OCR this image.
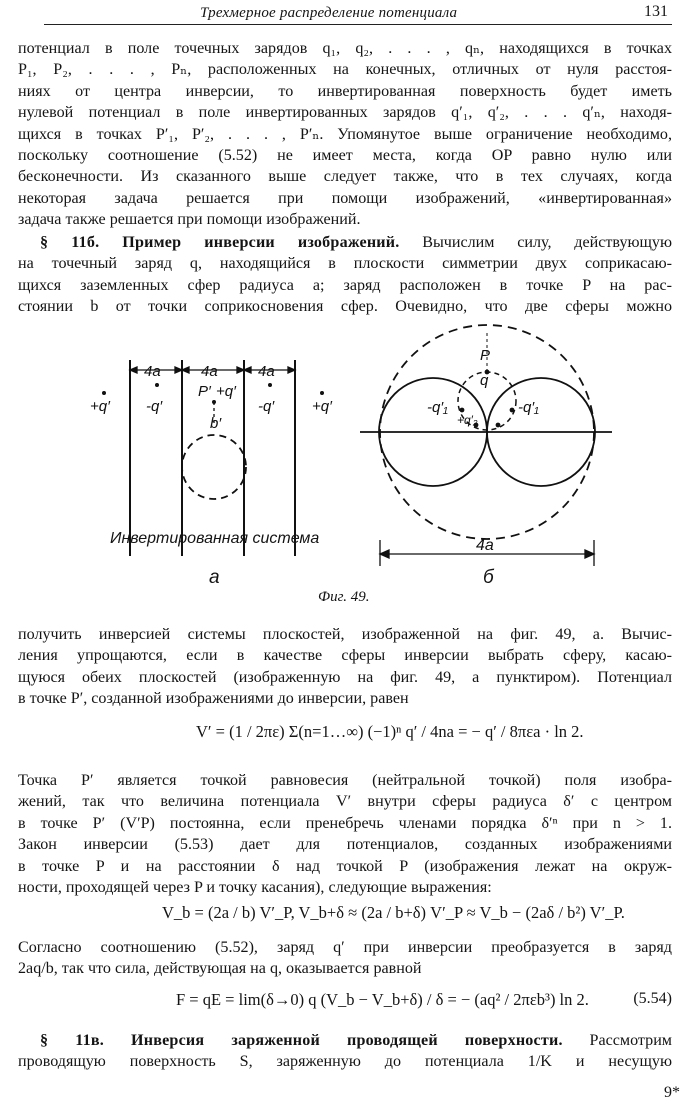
Трехмерное распределение потенциала	131
потенциал в поле точечных зарядов q₁, q₂, . . . , qₙ, находящихся в точках
P₁, P₂, . . . , Pₙ, расположенных на конечных, отличных от нуля расстоя-
ниях от центра инверсии, то инвертированная поверхность будет иметь
нулевой потенциал в поле инвертированных зарядов q′₁, q′₂, . . . q′ₙ, находя-
щихся в точках P′₁, P′₂, . . . , P′ₙ. Упомянутое выше ограничение необходимо,
поскольку соотношение (5.52) не имеет места, когда OP равно нулю или
бесконечности. Из сказанного выше следует также, что в тех случаях, когда
некоторая задача решается при помощи изображений, «инвертированная»
задача также решается при помощи изображений.
§ 11б. Пример инверсии изображений. Вычислим силу, действующую
на точечный заряд q, находящийся в плоскости симметрии двух соприкасаю-
щихся заземленных сфер радиуса a; заряд расположен в точке P на рас-
стоянии b от точки соприкосновения сфер. Очевидно, что две сферы можно
4a	4a	4a
+q′ -q′
P′ +q′
-q′	+q′
b′
P
q
-q′₁	-q′₁
+q′₂
4a
Инвертированная система
а	б
Фиг. 49.
получить инверсией системы плоскостей, изображенной на фиг. 49, а. Вычис-
ления упрощаются, если в качестве сферы инверсии выбрать сферу, касаю-
щуюся обеих плоскостей (изображенную на фиг. 49, а пунктиром). Потенциал
в точке P′, созданной изображениями до инверсии, равен
V′ = (1 / 2πε) Σ(n=1…∞) (−1)ⁿ q′ / 4na = − q′ / 8πεa · ln 2.
Точка P′ является точкой равновесия (нейтральной точкой) поля изобра-
жений, так что величина потенциала V′ внутри сферы радиуса δ′ с центром
в точке P′ (V′P) постоянна, если пренебречь членами порядка δ′ⁿ при n > 1.
Закон инверсии (5.53) дает для потенциалов, созданных изображениями
в точке P и на расстоянии δ над точкой P (изображения лежат на окруж-
ности, проходящей через P и точку касания), следующие выражения:
V_b = (2a / b) V′_P, V_b+δ ≈ (2a / b+δ) V′_P ≈ V_b − (2aδ / b²) V′_P.
Согласно соотношению (5.52), заряд q′ при инверсии преобразуется в заряд
2aq/b, так что сила, действующая на q, оказывается равной
F = qE = lim(δ→0) q (V_b − V_b+δ) / δ = − (aq² / 2πεb³) ln 2.	(5.54)
§ 11в. Инверсия заряженной проводящей поверхности. Рассмотрим
проводящую поверхность S, заряженную до потенциала 1/K и несущую
9*
